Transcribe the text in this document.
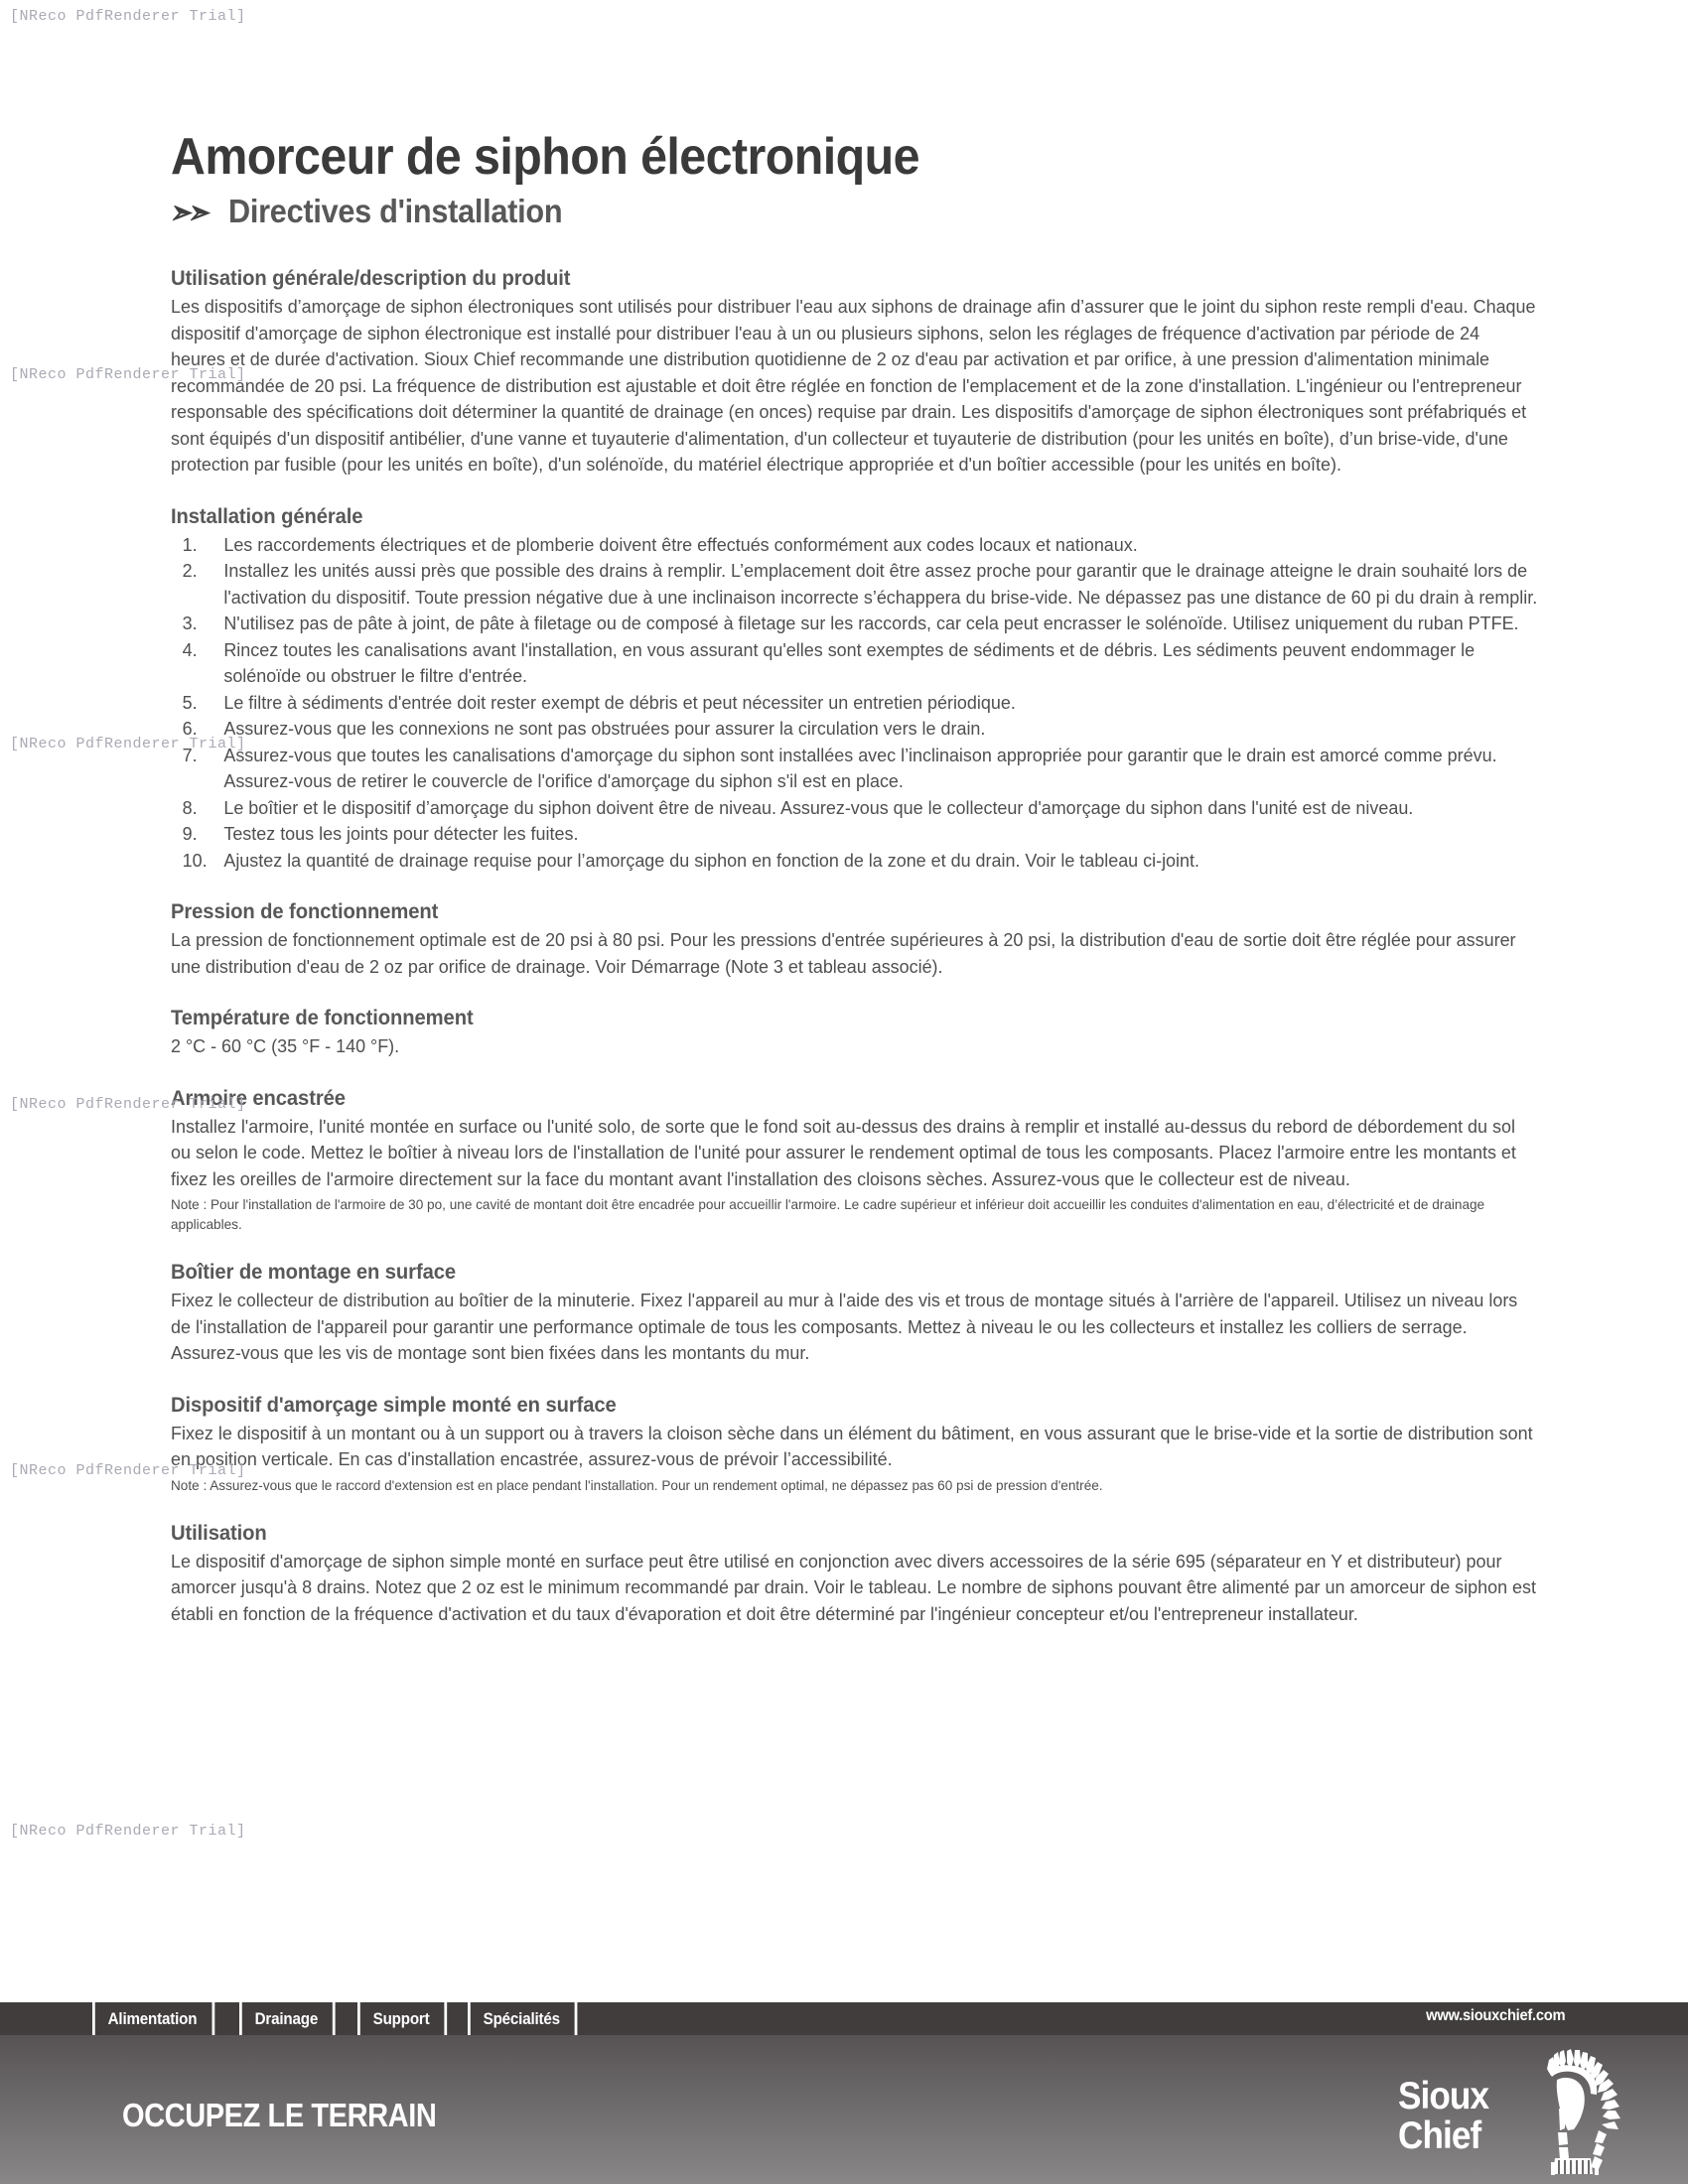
[NReco PdfRenderer Trial]
[NReco PdfRenderer Trial]
[NReco PdfRenderer Trial]
[NReco PdfRenderer Trial]
[NReco PdfRenderer Trial]
[NReco PdfRenderer Trial]
Amorceur de siphon électronique
➣➣ Directives d'installation
Utilisation générale/description du produit

Les dispositifs d’amorçage de siphon électroniques sont utilisés pour distribuer l'eau aux siphons de drainage afin d’assurer que le joint du siphon reste rempli d'eau. Chaque dispositif d'amorçage de siphon électronique est installé pour distribuer l'eau à un ou plusieurs siphons, selon les réglages de fréquence d'activation par période de 24 heures et de durée d'activation. Sioux Chief recommande une distribution quotidienne de 2 oz d'eau par activation et par orifice, à une pression d'alimentation minimale recommandée de 20 psi. La fréquence de distribution est ajustable et doit être réglée en fonction de l'emplacement et de la zone d'installation. L'ingénieur ou l'entrepreneur responsable des spécifications doit déterminer la quantité de drainage (en onces) requise par drain. Les dispositifs d'amorçage de siphon électroniques sont préfabriqués et sont équipés d'un dispositif antibélier, d'une vanne et tuyauterie d'alimentation, d'un collecteur et tuyauterie de distribution (pour les unités en boîte), d’un brise-vide, d'une protection par fusible (pour les unités en boîte), d'un solénoïde, du matériel électrique appropriée et d'un boîtier accessible (pour les unités en boîte).

Installation générale
Les raccordements électriques et de plomberie doivent être effectués conformément aux codes locaux et nationaux.
Installez les unités aussi près que possible des drains à remplir. L’emplacement doit être assez proche pour garantir que le drainage atteigne le drain souhaité lors de l'activation du dispositif. Toute pression négative due à une inclinaison incorrecte s’échappera du brise-vide. Ne dépassez pas une distance de 60 pi du drain à remplir.
N'utilisez pas de pâte à joint, de pâte à filetage ou de composé à filetage sur les raccords, car cela peut encrasser le solénoïde. Utilisez uniquement du ruban PTFE.
Rincez toutes les canalisations avant l'installation, en vous assurant qu'elles sont exemptes de sédiments et de débris. Les sédiments peuvent endommager le solénoïde ou obstruer le filtre d'entrée.
Le filtre à sédiments d'entrée doit rester exempt de débris et peut nécessiter un entretien périodique.
Assurez-vous que les connexions ne sont pas obstruées pour assurer la circulation vers le drain.
Assurez-vous que toutes les canalisations d'amorçage du siphon sont installées avec l’inclinaison appropriée pour garantir que le drain est amorcé comme prévu. Assurez-vous de retirer le couvercle de l'orifice d'amorçage du siphon s'il est en place.
Le boîtier et le dispositif d’amorçage du siphon doivent être de niveau. Assurez-vous que le collecteur d'amorçage du siphon dans l'unité est de niveau.
Testez tous les joints pour détecter les fuites.
Ajustez la quantité de drainage requise pour l’amorçage du siphon en fonction de la zone et du drain. Voir le tableau ci-joint.
Pression de fonctionnement

La pression de fonctionnement optimale est de 20 psi à 80 psi. Pour les pressions d'entrée supérieures à 20 psi, la distribution d'eau de sortie doit être réglée pour assurer une distribution d'eau de 2 oz par orifice de drainage. Voir Démarrage (Note 3 et tableau associé).

Température de fonctionnement

2 °C - 60 °C (35 °F - 140 °F).

Armoire encastrée

Installez l'armoire, l'unité montée en surface ou l'unité solo, de sorte que le fond soit au-dessus des drains à remplir et installé au-dessus du rebord de débordement du sol ou selon le code. Mettez le boîtier à niveau lors de l'installation de l'unité pour assurer le rendement optimal de tous les composants. Placez l'armoire entre les montants et fixez les oreilles de l'armoire directement sur la face du montant avant l'installation des cloisons sèches. Assurez-vous que le collecteur est de niveau.

Note : Pour l'installation de l'armoire de 30 po, une cavité de montant doit être encadrée pour accueillir l'armoire. Le cadre supérieur et inférieur doit accueillir les conduites d'alimentation en eau, d’électricité et de drainage applicables.

Boîtier de montage en surface

Fixez le collecteur de distribution au boîtier de la minuterie. Fixez l'appareil au mur à l'aide des vis et trous de montage situés à l'arrière de l'appareil. Utilisez un niveau lors de l'installation de l'appareil pour garantir une performance optimale de tous les composants. Mettez à niveau le ou les collecteurs et installez les colliers de serrage. Assurez-vous que les vis de montage sont bien fixées dans les montants du mur.

Dispositif d'amorçage simple monté en surface

Fixez le dispositif à un montant ou à un support ou à travers la cloison sèche dans un élément du bâtiment, en vous assurant que le brise-vide et la sortie de distribution sont en position verticale. En cas d'installation encastrée, assurez-vous de prévoir l’accessibilité.

Note : Assurez-vous que le raccord d'extension est en place pendant l'installation. Pour un rendement optimal, ne dépassez pas 60 psi de pression d'entrée.

Utilisation

Le dispositif d'amorçage de siphon simple monté en surface peut être utilisé en conjonction avec divers accessoires de la série 695 (séparateur en Y et distributeur) pour amorcer jusqu'à 8 drains. Notez que 2 oz est le minimum recommandé par drain. Voir le tableau. Le nombre de siphons pouvant être alimenté par un amorceur de siphon est établi en fonction de la fréquence d'activation et du taux d'évaporation et doit être déterminé par l'ingénieur concepteur et/ou l'entrepreneur installateur.

Alimentation	Drainage	Support	Spécialités	www.siouxchief.com
OCCUPEZ LE TERRAIN	Sioux
Chief
